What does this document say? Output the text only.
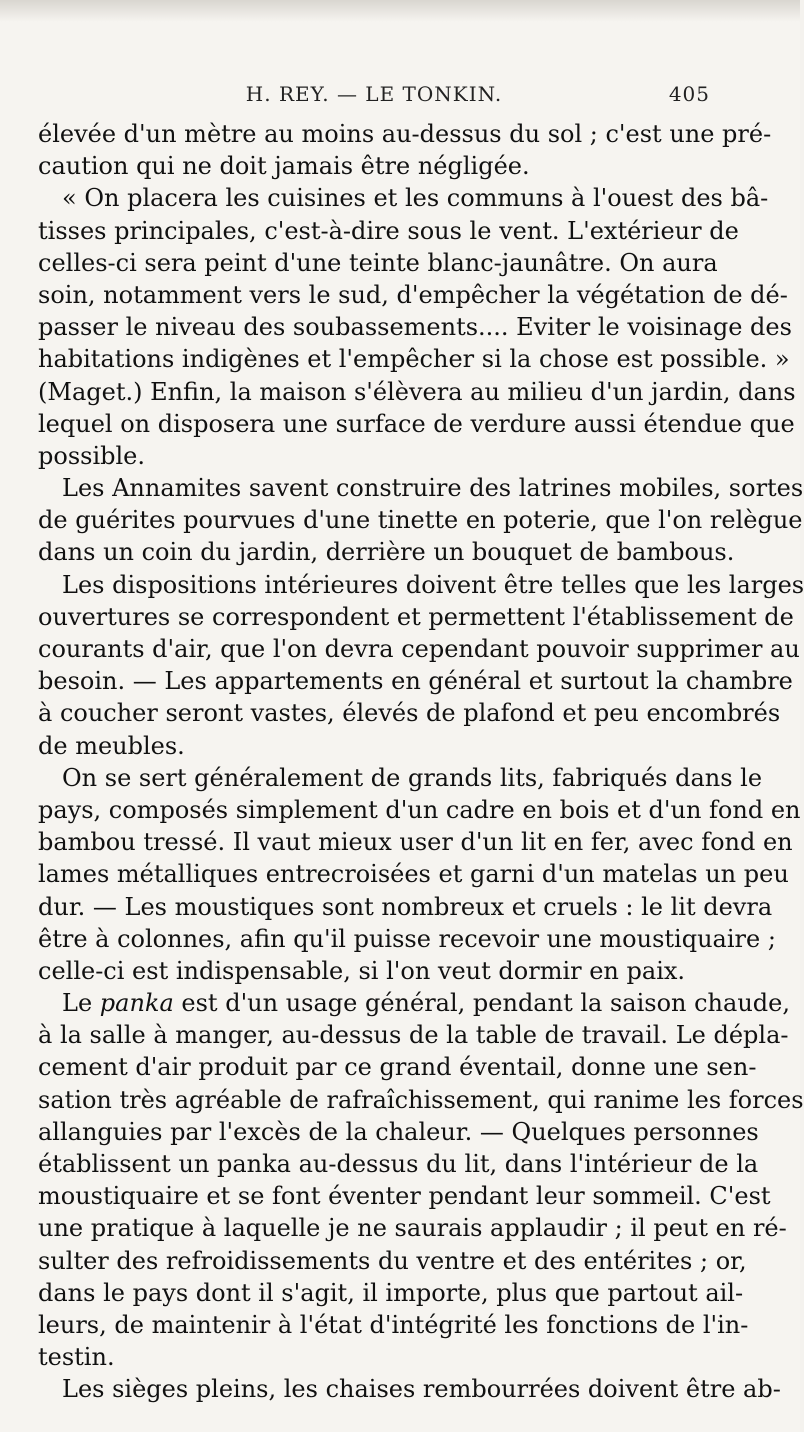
H. REY. — LE TONKIN.	405
élevée d'un mètre au moins au-dessus du sol ; c'est une pré-
caution qui ne doit jamais être négligée.
« On placera les cuisines et les communs à l'ouest des bâ-
tisses principales, c'est-à-dire sous le vent. L'extérieur de
celles-ci sera peint d'une teinte blanc-jaunâtre. On aura
soin, notamment vers le sud, d'empêcher la végétation de dé-
passer le niveau des soubassements.... Eviter le voisinage des
habitations indigènes et l'empêcher si la chose est possible. »
(Maget.) Enfin, la maison s'élèvera au milieu d'un jardin, dans
lequel on disposera une surface de verdure aussi étendue que
possible.
Les Annamites savent construire des latrines mobiles, sortes
de guérites pourvues d'une tinette en poterie, que l'on relègue
dans un coin du jardin, derrière un bouquet de bambous.
Les dispositions intérieures doivent être telles que les larges
ouvertures se correspondent et permettent l'établissement de
courants d'air, que l'on devra cependant pouvoir supprimer au
besoin. — Les appartements en général et surtout la chambre
à coucher seront vastes, élevés de plafond et peu encombrés
de meubles.
On se sert généralement de grands lits, fabriqués dans le
pays, composés simplement d'un cadre en bois et d'un fond en
bambou tressé. Il vaut mieux user d'un lit en fer, avec fond en
lames métalliques entrecroisées et garni d'un matelas un peu
dur. — Les moustiques sont nombreux et cruels : le lit devra
être à colonnes, afin qu'il puisse recevoir une moustiquaire ;
celle-ci est indispensable, si l'on veut dormir en paix.
Le panka est d'un usage général, pendant la saison chaude,
à la salle à manger, au-dessus de la table de travail. Le dépla-
cement d'air produit par ce grand éventail, donne une sen-
sation très agréable de rafraîchissement, qui ranime les forces
allanguies par l'excès de la chaleur. — Quelques personnes
établissent un panka au-dessus du lit, dans l'intérieur de la
moustiquaire et se font éventer pendant leur sommeil. C'est
une pratique à laquelle je ne saurais applaudir ; il peut en ré-
sulter des refroidissements du ventre et des entérites ; or,
dans le pays dont il s'agit, il importe, plus que partout ail-
leurs, de maintenir à l'état d'intégrité les fonctions de l'in-
testin.
Les sièges pleins, les chaises rembourrées doivent être ab-
